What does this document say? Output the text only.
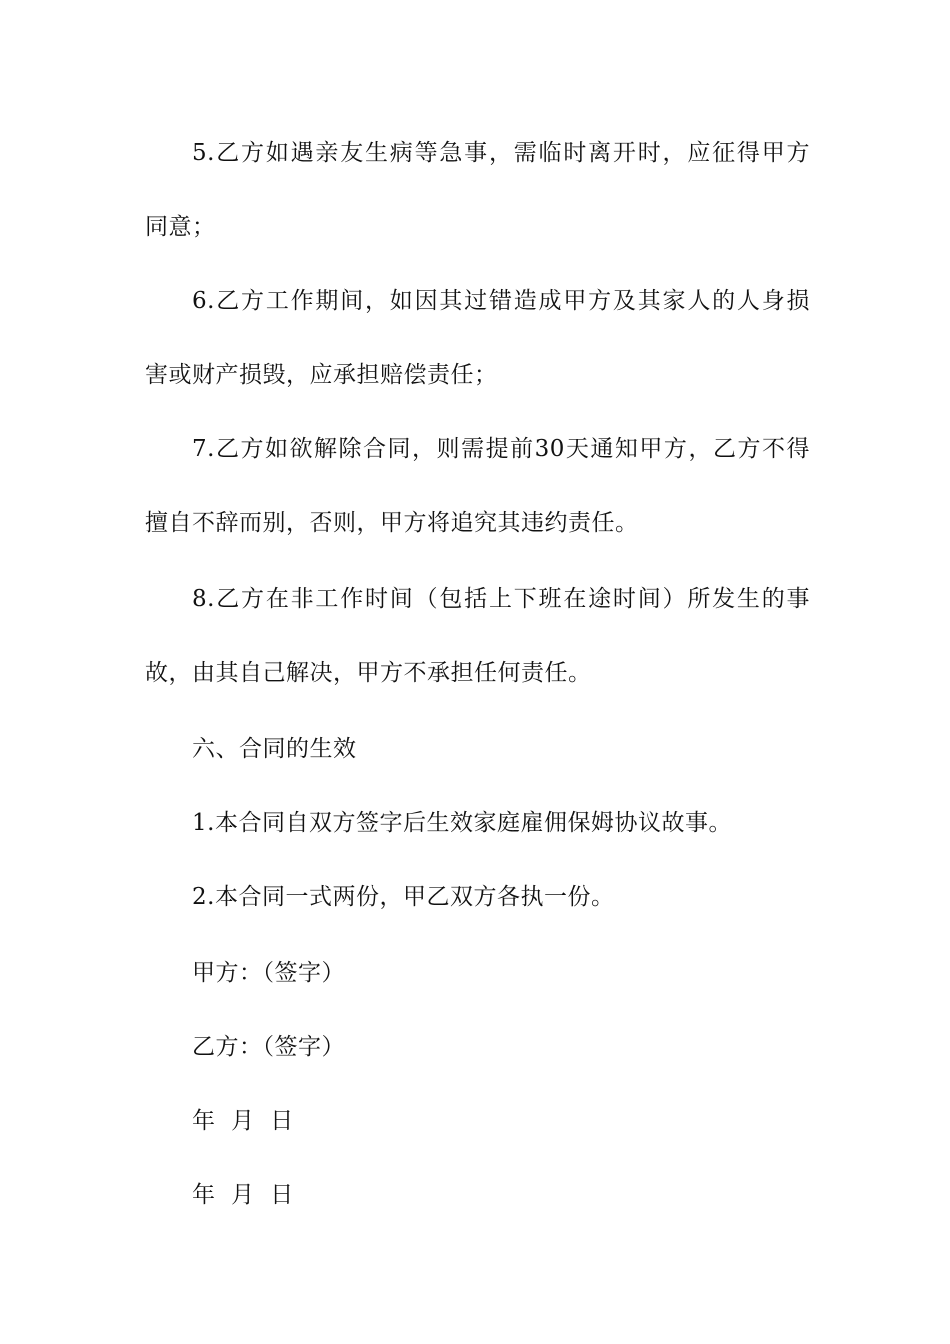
5.乙方如遇亲友生病等急事，需临时离开时，应征得甲方
同意；
6.乙方工作期间，如因其过错造成甲方及其家人的人身损
害或财产损毁，应承担赔偿责任；
7.乙方如欲解除合同，则需提前30天通知甲方，乙方不得
擅自不辞而别，否则，甲方将追究其违约责任。
8.乙方在非工作时间（包括上下班在途时间）所发生的事
故，由其自己解决，甲方不承担任何责任。
六、合同的生效
1.本合同自双方签字后生效家庭雇佣保姆协议故事。
2.本合同一式两份，甲乙双方各执一份。
甲方：（签字）
乙方：（签字）
年  月  日
年  月  日
